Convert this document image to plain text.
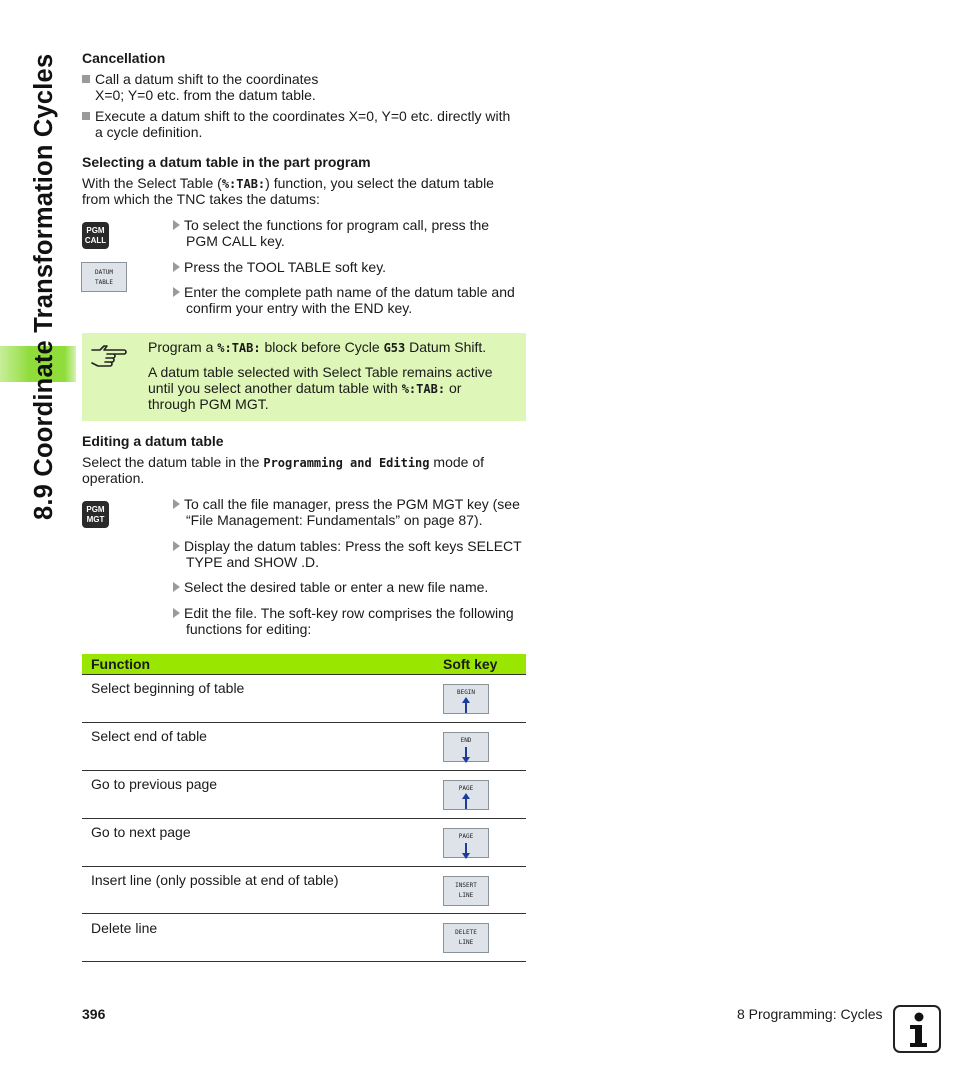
8.9 Coordinate Transformation Cycles Cancellation
Call a datum shift to the coordinates
X=0; Y=0 etc. from the datum table.
Execute a datum shift to the coordinates X=0, Y=0 etc. directly with
a cycle definition.
Selecting a datum table in the part program
With the Select Table (%:TAB:) function, you select the datum table
from which the TNC takes the datums:
PGM
CALL
To select the functions for program call, press the
PGM CALL key.
DATUM
TABLE
Press the TOOL TABLE soft key.
Enter the complete path name of the datum table and
confirm your entry with the END key.
Program a %:TAB: block before Cycle G53 Datum Shift.
A datum table selected with Select Table remains active
until you select another datum table with %:TAB: or
through PGM MGT.
Editing a datum table
Select the datum table in the Programming and Editing mode of
operation.
PGM
MGT
To call the file manager, press the PGM MGT key (see
“File Management: Fundamentals” on page 87).
Display the datum tables: Press the soft keys SELECT
TYPE and SHOW .D.
Select the desired table or enter a new file name.
Edit the file. The soft-key row comprises the following
functions for editing:
Function	Soft key
Select beginning of table	BEGIN
Select end of table	END
Go to previous page	PAGE
Go to next page	PAGE
Insert line (only possible at end of table)	INSERT
LINE
Delete line	DELETE
LINE
396	8 Programming: Cycles
